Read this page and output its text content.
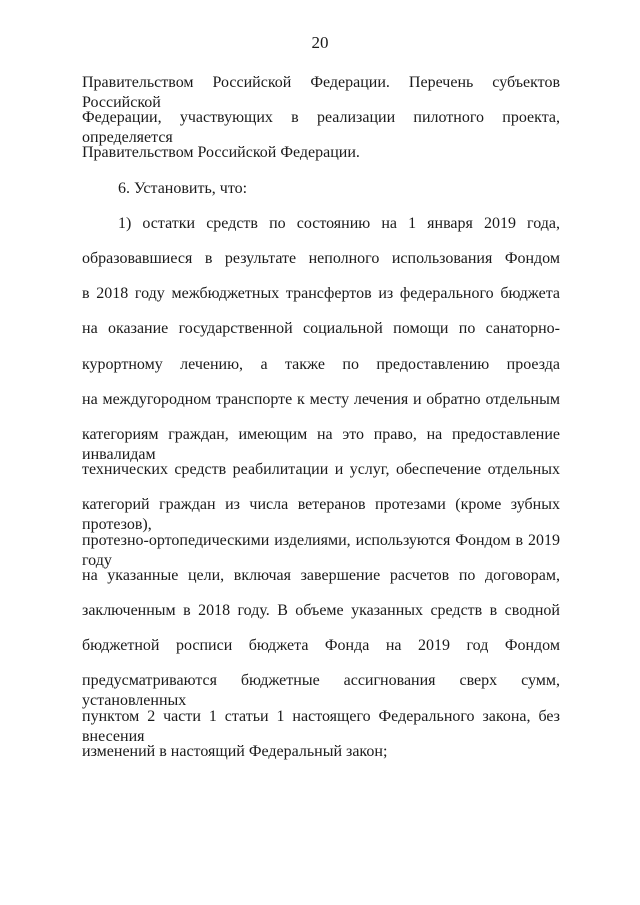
20
Правительством Российской Федерации. Перечень субъектов Российской
Федерации, участвующих в реализации пилотного проекта, определяется
Правительством Российской Федерации.
6. Установить, что:
1) остатки средств по состоянию на 1 января 2019 года,
образовавшиеся в результате неполного использования Фондом
в 2018 году межбюджетных трансфертов из федерального бюджета
на оказание государственной социальной помощи по санаторно-
курортному лечению, а также по предоставлению проезда
на междугородном транспорте к месту лечения и обратно отдельным
категориям граждан, имеющим на это право, на предоставление инвалидам
технических средств реабилитации и услуг, обеспечение отдельных
категорий граждан из числа ветеранов протезами (кроме зубных протезов),
протезно-ортопедическими изделиями, используются Фондом в 2019 году
на указанные цели, включая завершение расчетов по договорам,
заключенным в 2018 году. В объеме указанных средств в сводной
бюджетной росписи бюджета Фонда на 2019 год Фондом
предусматриваются бюджетные ассигнования сверх сумм, установленных
пунктом 2 части 1 статьи 1 настоящего Федерального закона, без внесения
изменений в настоящий Федеральный закон;
